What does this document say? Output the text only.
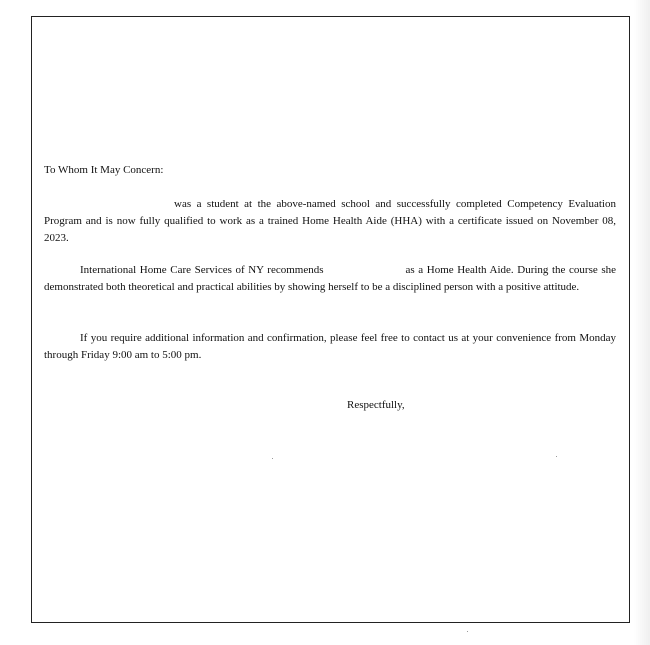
To Whom It May Concern:

was a student at the above-named school and successfully completed Competency Evaluation Program and is now fully qualified to work as a trained Home Health Aide (HHA) with a certificate issued on November 08, 2023.

International Home Care Services of NY recommends	as a Home Health Aide. During the course she demonstrated both theoretical and practical abilities by showing herself to be a disciplined person with a positive attitude.

If you require additional information and confirmation, please feel free to contact us at your convenience from Monday through Friday 9:00 am to 5:00 pm.

Respectfully,
